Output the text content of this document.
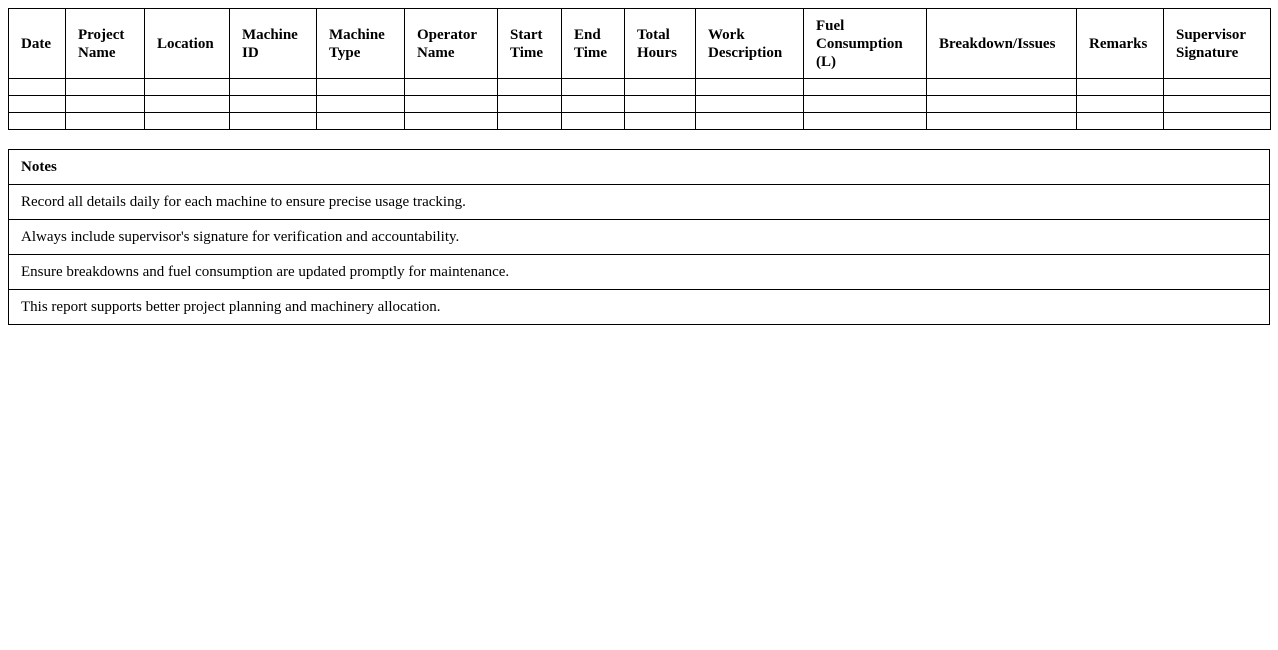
Date	Project Name	Location	Machine ID	Machine Type	Operator Name	Start Time	End Time	Total Hours	Work Description	Fuel Consumption (L)	Breakdown/Issues	Remarks	Supervisor Signature

Notes
Record all details daily for each machine to ensure precise usage tracking.
Always include supervisor's signature for verification and accountability.
Ensure breakdowns and fuel consumption are updated promptly for maintenance.
This report supports better project planning and machinery allocation.
